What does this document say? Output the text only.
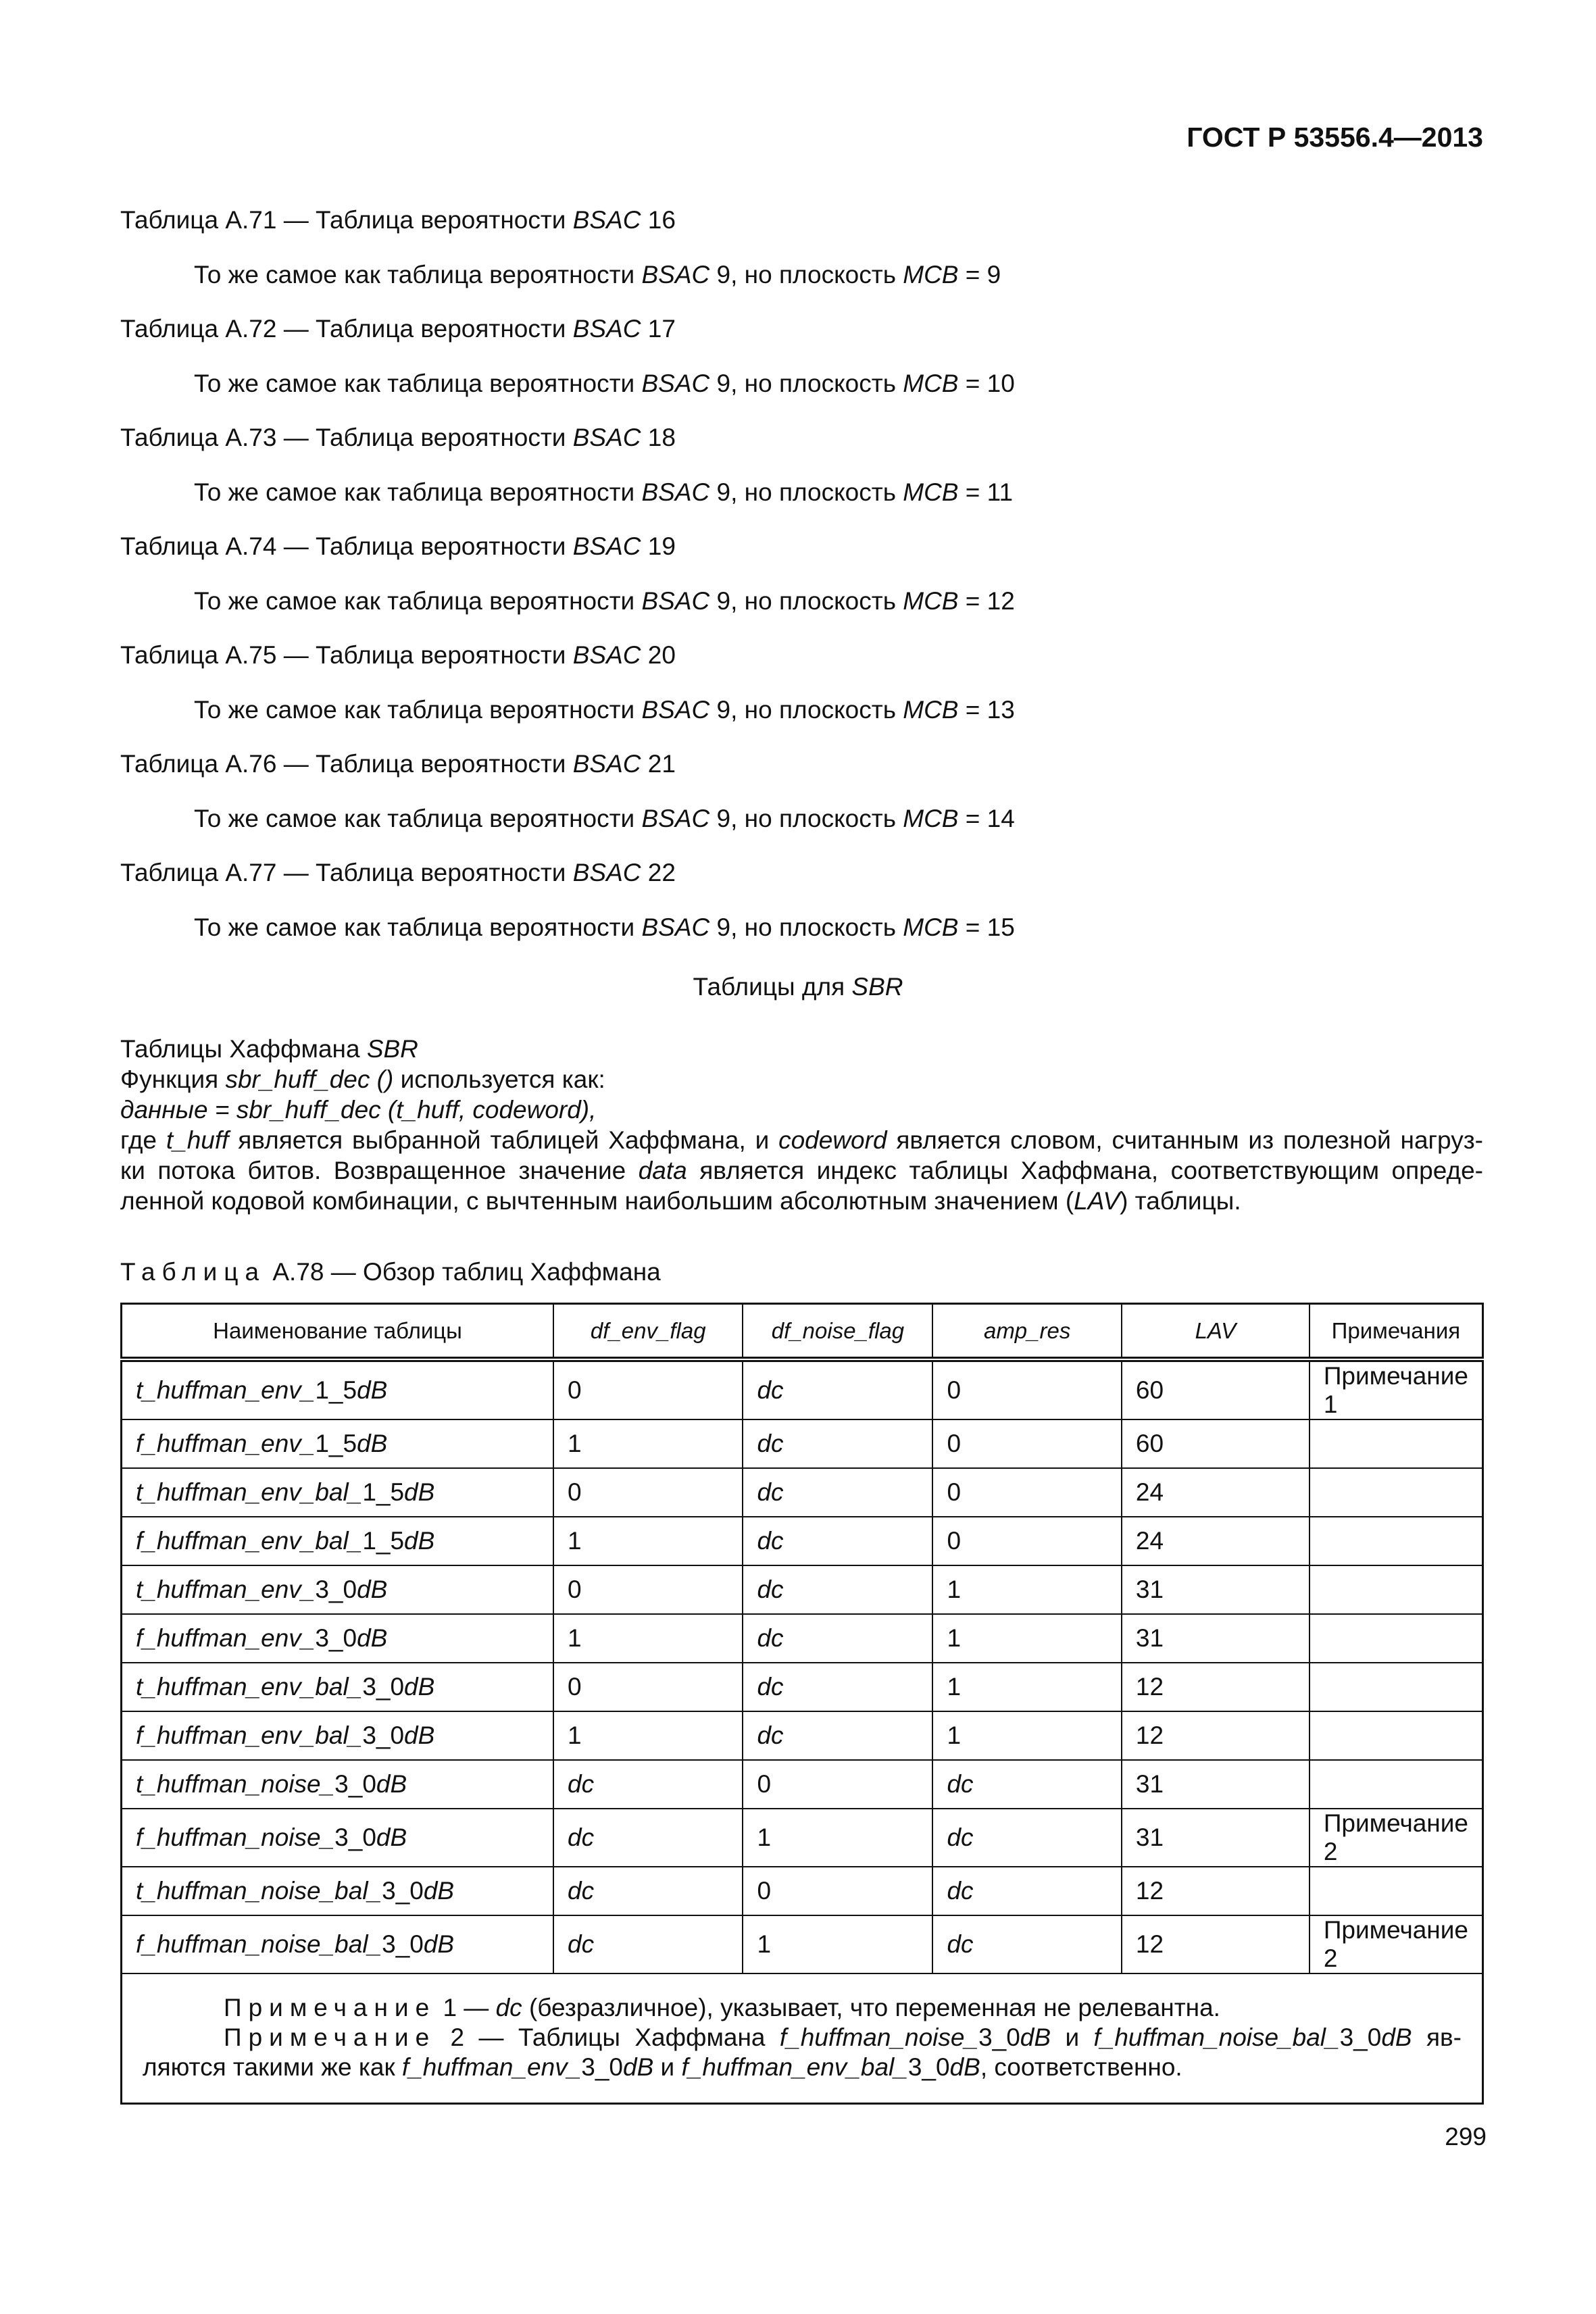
ГОСТ Р 53556.4—2013
Таблица А.71 — Таблица вероятности BSAC 16
То же самое как таблица вероятности BSAC 9, но плоскость MCB = 9
Таблица А.72 — Таблица вероятности BSAC 17
То же самое как таблица вероятности BSAC 9, но плоскость MCB = 10
Таблица А.73 — Таблица вероятности BSAC 18
То же самое как таблица вероятности BSAC 9, но плоскость MCB = 11
Таблица А.74 — Таблица вероятности BSAC 19
То же самое как таблица вероятности BSAC 9, но плоскость MCB = 12
Таблица А.75 — Таблица вероятности BSAC 20
То же самое как таблица вероятности BSAC 9, но плоскость MCB = 13
Таблица А.76 — Таблица вероятности BSAC 21
То же самое как таблица вероятности BSAC 9, но плоскость MCB = 14
Таблица А.77 — Таблица вероятности BSAC 22
То же самое как таблица вероятности BSAC 9, но плоскость MCB = 15
Таблицы для SBR
Таблицы Хаффмана SBR
Функция sbr_huff_dec () используется как:
данные = sbr_huff_dec (t_huff, codeword),
где t_huff является выбранной таблицей Хаффмана, и codeword является словом, считанным из полезной нагруз-
ки потока битов. Возвращенное значение data является индекс таблицы Хаффмана, соответствующим опреде-
ленной кодовой комбинации, с вычтенным наибольшим абсолютным значением (LAV) таблицы.
Таблица А.78 — Обзор таблиц Хаффмана
Наименование таблицы	df_env_flag	df_noise_flag	amp_res	LAV	Примечания
t_huffman_env_1_5dB	0	dc	0	60	Примечание 1
f_huffman_env_1_5dB	1	dc	0	60	
t_huffman_env_bal_1_5dB	0	dc	0	24	
f_huffman_env_bal_1_5dB	1	dc	0	24	
t_huffman_env_3_0dB	0	dc	1	31	
f_huffman_env_3_0dB	1	dc	1	31	
t_huffman_env_bal_3_0dB	0	dc	1	12	
f_huffman_env_bal_3_0dB	1	dc	1	12	
t_huffman_noise_3_0dB	dc	0	dc	31	
f_huffman_noise_3_0dB	dc	1	dc	31	Примечание 2
t_huffman_noise_bal_3_0dB	dc	0	dc	12	
f_huffman_noise_bal_3_0dB	dc	1	dc	12	Примечание 2

Примечание 1 — dc (безразличное), указывает, что переменная не релевантна.
Примечание 2 — Таблицы Хаффмана f_huffman_noise_3_0dB и f_huffman_noise_bal_3_0dB яв-ляются такими же как f_huffman_env_3_0dB и f_huffman_env_bal_3_0dB, соответственно.					
299
